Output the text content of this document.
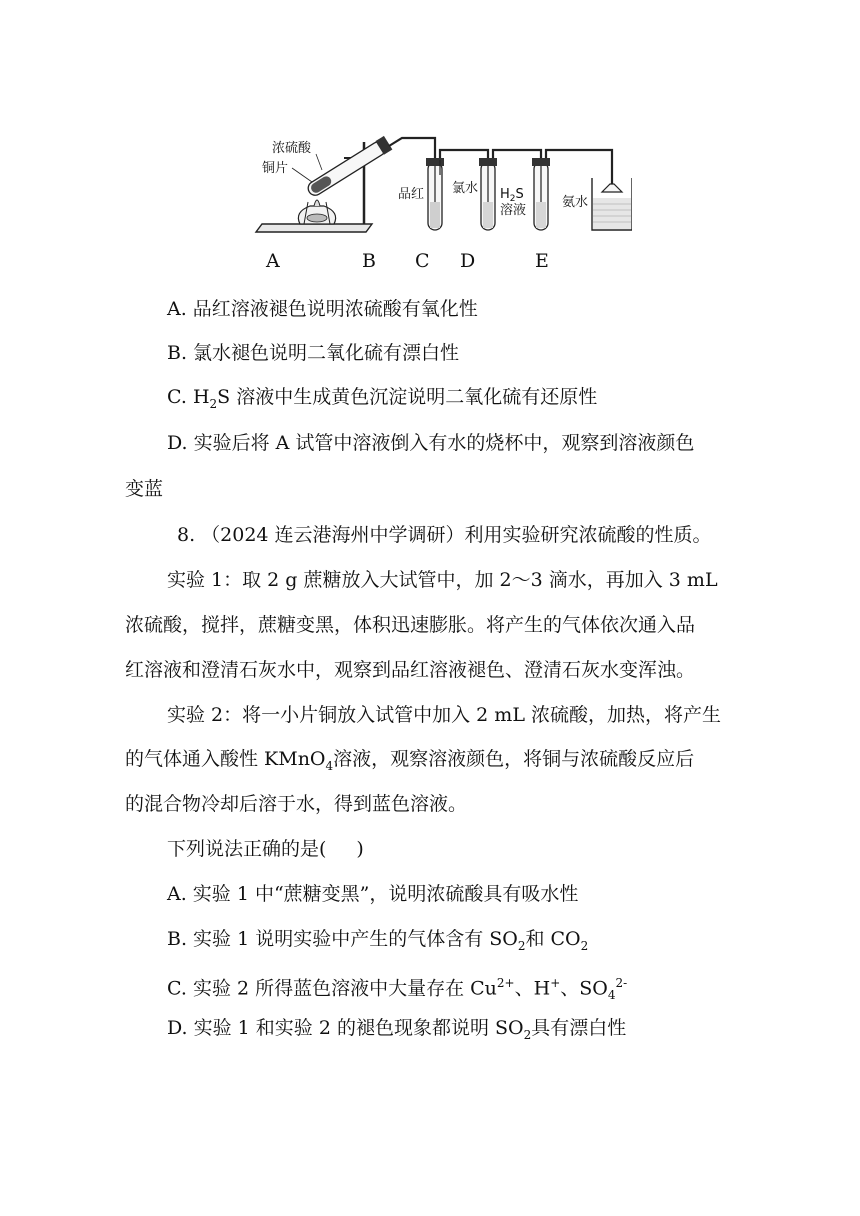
浓硫酸
铜片
品红 氯水 $H_2S$
溶液
氨水
A	B C D	E
A. 品红溶液褪色说明浓硫酸有氧化性
B. 氯水褪色说明二氧化硫有漂白性
C. $H_2S$ 溶液中生成黄色沉淀说明二氧化硫有还原性
D. 实验后将 A 试管中溶液倒入有水的烧杯中，观察到溶液颜色
变蓝
8. （2024 连云港海州中学调研）利用实验研究浓硫酸的性质。
实验 1：取 2 g 蔗糖放入大试管中，加 2～3 滴水，再加入 3 mL
浓硫酸，搅拌，蔗糖变黑，体积迅速膨胀。将产生的气体依次通入品
红溶液和澄清石灰水中，观察到品红溶液褪色、澄清石灰水变浑浊。
实验 2：将一小片铜放入试管中加入 2 mL 浓硫酸，加热，将产生
的气体通入酸性 KMnO$_4$溶液，观察溶液颜色，将铜与浓硫酸反应后
的混合物冷却后溶于水，得到蓝色溶液。
下列说法正确的是( )
A. 实验 1 中“蔗糖变黑”，说明浓硫酸具有吸水性
B. 实验 1 说明实验中产生的气体含有 $SO_2$和 $CO_2$
C. 实验 2 所得蓝色溶液中大量存在 $Cu^{2+}$、H+、$SO_4^{2-}$
D. 实验 1 和实验 2 的褪色现象都说明 $SO_2$具有漂白性
